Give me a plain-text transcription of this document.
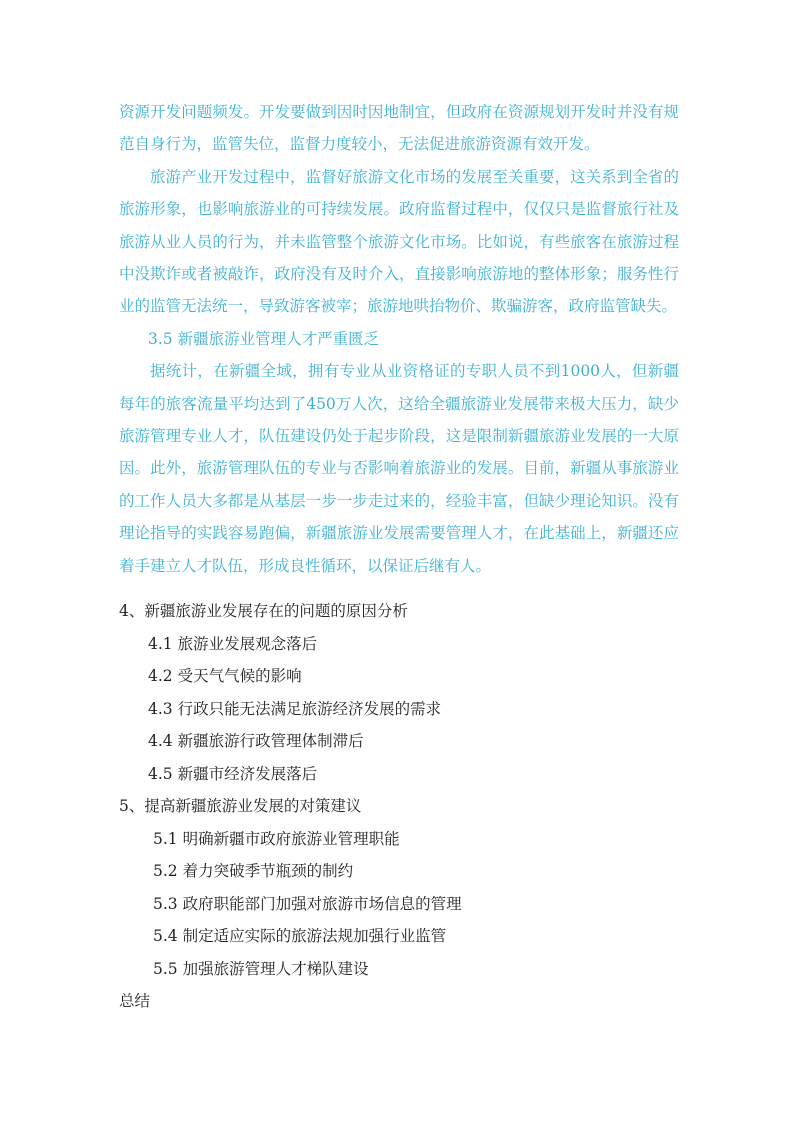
资源开发问题频发。开发要做到因时因地制宜，但政府在资源规划开发时并没有规范自身行为，监管失位，监督力度较小，无法促进旅游资源有效开发。

旅游产业开发过程中，监督好旅游文化市场的发展至关重要，这关系到全省的旅游形象，也影响旅游业的可持续发展。政府监督过程中，仅仅只是监督旅行社及旅游从业人员的行为，并未监管整个旅游文化市场。比如说，有些旅客在旅游过程中没欺诈或者被敲诈，政府没有及时介入，直接影响旅游地的整体形象；服务性行业的监管无法统一，导致游客被宰；旅游地哄抬物价、欺骗游客，政府监管缺失。

3.5 新疆旅游业管理人才严重匮乏

据统计，在新疆全域，拥有专业从业资格证的专职人员不到1000人，但新疆每年的旅客流量平均达到了450万人次，这给全疆旅游业发展带来极大压力，缺少旅游管理专业人才，队伍建设仍处于起步阶段，这是限制新疆旅游业发展的一大原因。此外，旅游管理队伍的专业与否影响着旅游业的发展。目前，新疆从事旅游业的工作人员大多都是从基层一步一步走过来的，经验丰富，但缺少理论知识。没有理论指导的实践容易跑偏，新疆旅游业发展需要管理人才，在此基础上，新疆还应着手建立人才队伍，形成良性循环，以保证后继有人。

4、新疆旅游业发展存在的问题的原因分析
4.1 旅游业发展观念落后
4.2 受天气气候的影响
4.3 行政只能无法满足旅游经济发展的需求
4.4 新疆旅游行政管理体制滞后
4.5 新疆市经济发展落后
5、提高新疆旅游业发展的对策建议
5.1 明确新疆市政府旅游业管理职能
5.2 着力突破季节瓶颈的制约
5.3 政府职能部门加强对旅游市场信息的管理
5.4 制定适应实际的旅游法规加强行业监管
5.5 加强旅游管理人才梯队建设
总结
